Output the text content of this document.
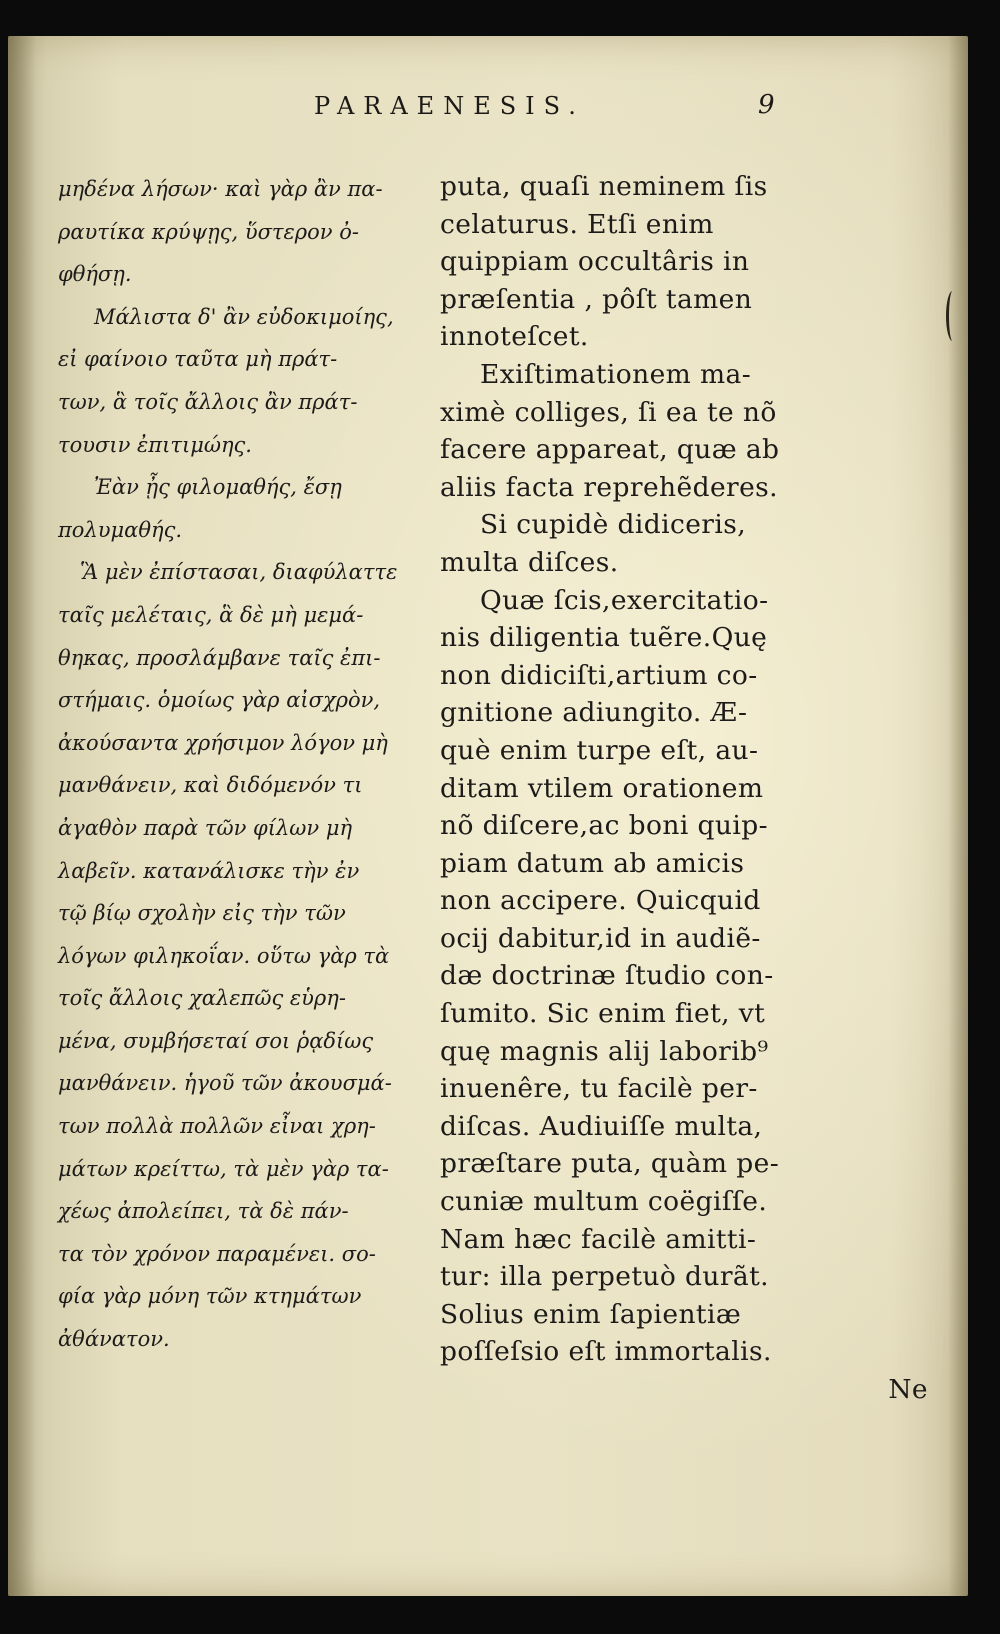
PARAENESIS.	9
μηδένα λήσων· καὶ γὰρ ἂν πα-
ραυτίκα κρύψῃς, ὕστερον ὀ-
φθήσῃ.
Μάλιστα δ' ἂν εὐδοκιμοίης,
εἰ φαίνοιο ταῦτα μὴ πράτ-
των, ἃ τοῖς ἄλλοις ἂν πράτ-
τουσιν ἐπιτιμώης.
Ἐὰν ᾖς φιλομαθής, ἔσῃ
πολυμαθής.
Ἃ μὲν ἐπίστασαι, διαφύλαττε
ταῖς μελέταις, ἃ δὲ μὴ μεμά-
θηκας, προσλάμβανε ταῖς ἐπι-
στήμαις. ὁμοίως γὰρ αἰσχρὸν,
ἀκούσαντα χρήσιμον λόγον μὴ
μανθάνειν, καὶ διδόμενόν τι
ἀγαθὸν παρὰ τῶν φίλων μὴ
λαβεῖν. κατανάλισκε τὴν ἐν
τῷ βίῳ σχολὴν εἰς τὴν τῶν
λόγων φιληκοΐαν. οὕτω γὰρ τὰ
τοῖς ἄλλοις χαλεπῶς εὑρη-
μένα, συμβήσεταί σοι ῥᾳδίως
μανθάνειν. ἡγοῦ τῶν ἀκουσμά-
των πολλὰ πολλῶν εἶναι χρη-
μάτων κρείττω, τὰ μὲν γὰρ τα-
χέως ἀπολείπει, τὰ δὲ πάν-
τα τὸν χρόνον παραμένει. σο-
φία γὰρ μόνη τῶν κτημάτων
ἀθάνατον.
puta, quaſi neminem ſis
celaturus. Etſi enim
quippiam occultâris in
præſentia , pôſt tamen
innoteſcet.
Exiſtimationem ma-
ximè colliges, ſi ea te nõ
facere appareat, quæ ab
aliis facta reprehẽderes.
Si cupidè didiceris,
multa diſces.
Quæ ſcis,exercitatio-
nis diligentia tuẽre.Quę
non didiciſti,artium co-
gnitione adiungito. Æ-
què enim turpe eſt, au-
ditam vtilem orationem
nõ diſcere,ac boni quip-
piam datum ab amicis
non accipere. Quicquid
ocij dabitur,id in audiẽ-
dæ doctrinæ ſtudio con-
ſumito. Sic enim fiet, vt
quę magnis alij laborib⁹
inuenêre, tu facilè per-
diſcas. Audiuiſſe multa,
præſtare puta, quàm pe-
cuniæ multum coëgiſſe.
Nam hæc facilè amitti-
tur: illa perpetuò durãt.
Solius enim ſapientiæ
poſſeſsio eſt immortalis.
Ne
